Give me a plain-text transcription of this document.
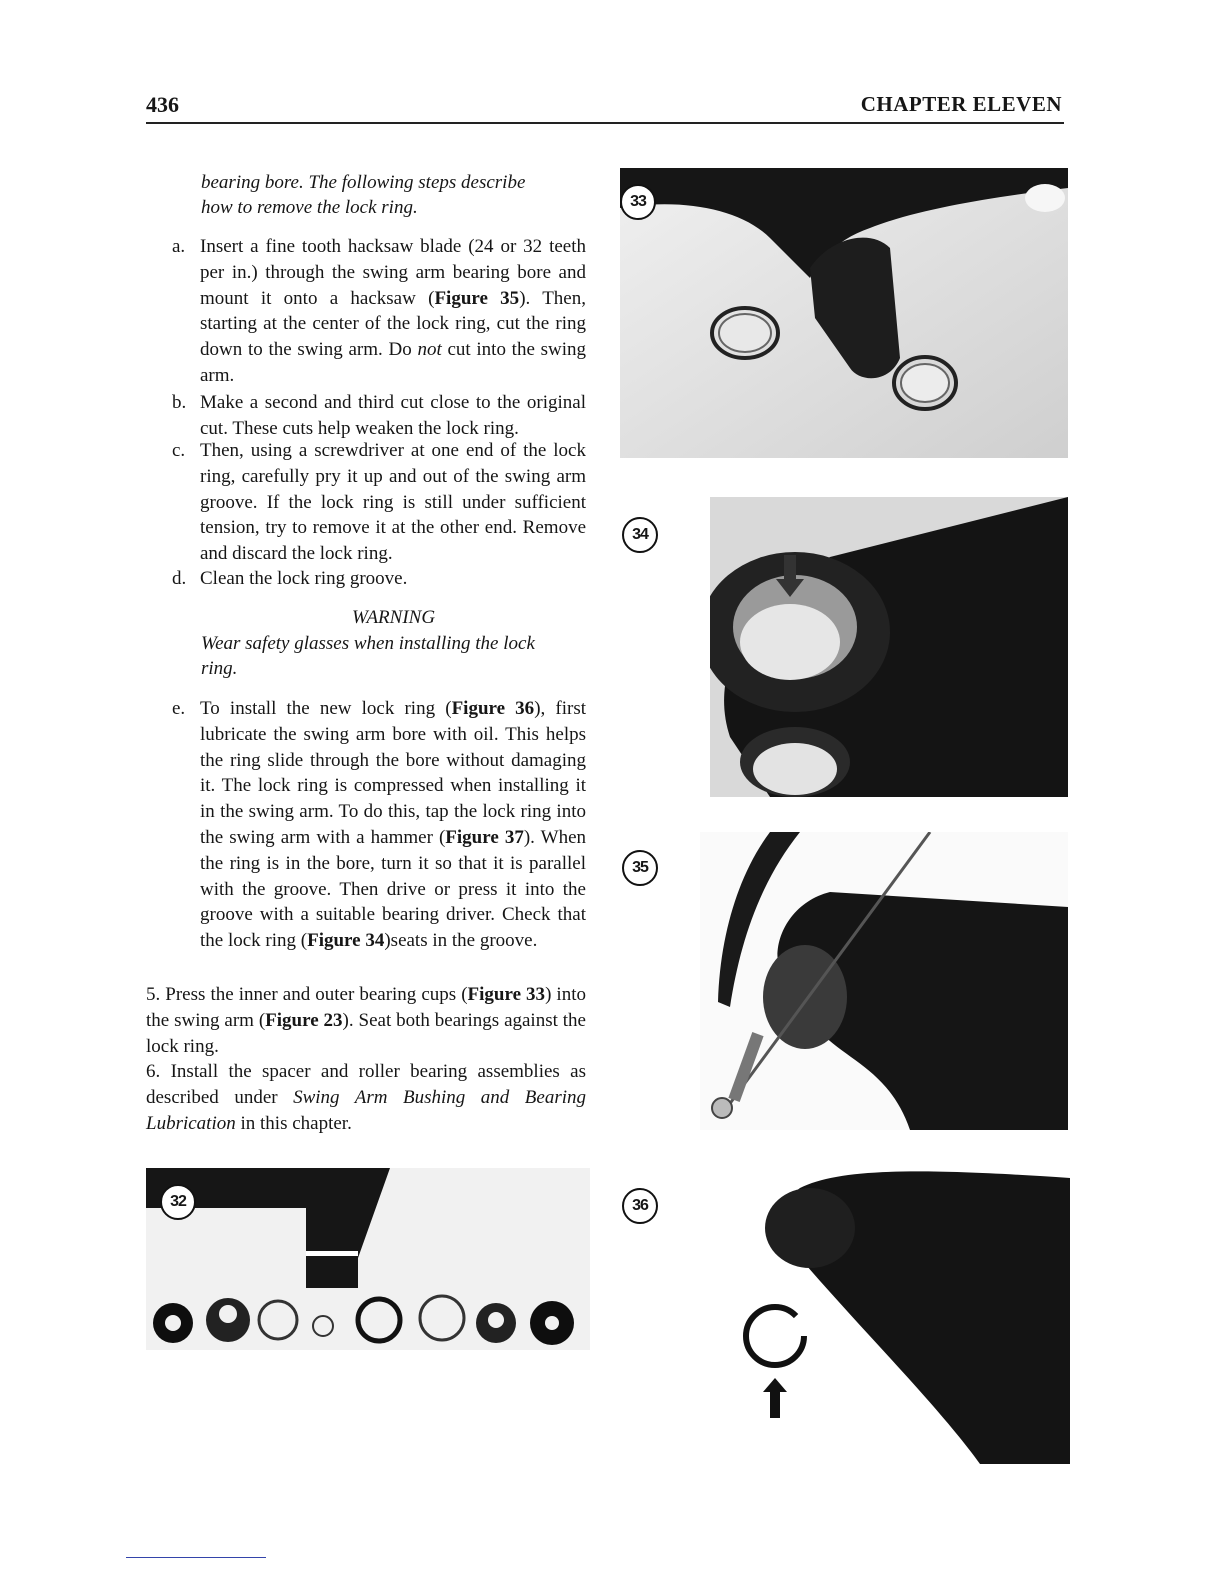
436	CHAPTER ELEVEN
bearing bore. The following steps describe how to remove the lock ring.
a. Insert a fine tooth hacksaw blade (24 or 32 teeth per in.) through the swing arm bearing bore and mount it onto a hacksaw (Figure 35). Then, starting at the center of the lock ring, cut the ring down to the swing arm. Do not cut into the swing arm.
b. Make a second and third cut close to the original cut. These cuts help weaken the lock ring.
c. Then, using a screwdriver at one end of the lock ring, carefully pry it up and out of the swing arm groove. If the lock ring is still under sufficient tension, try to remove it at the other end. Remove and discard the lock ring.
d. Clean the lock ring groove.
WARNING
Wear safety glasses when installing the lock ring.
e. To install the new lock ring (Figure 36), first lubricate the swing arm bore with oil. This helps the ring slide through the bore without damaging it. The lock ring is compressed when installing it in the swing arm. To do this, tap the lock ring into the swing arm with a hammer (Figure 37). When the ring is in the bore, turn it so that it is parallel with the groove. Then drive or press it into the groove with a suitable bearing driver. Check that the lock ring (Figure 34)seats in the groove.
5. Press the inner and outer bearing cups (Figure 33) into the swing arm (Figure 23). Seat both bearings against the lock ring.
6. Install the spacer and roller bearing assemblies as described under Swing Arm Bushing and Bearing Lubrication in this chapter.
33
34
35
36
32
